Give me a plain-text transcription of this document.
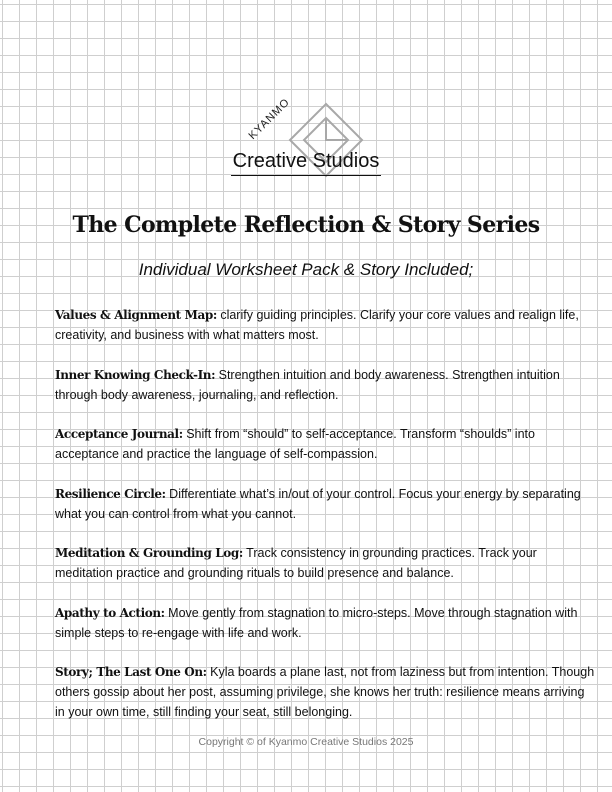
KYANMO
Creative Studios
The Complete Reflection & Story Series
Individual Worksheet Pack & Story Included;

Values & Alignment Map: clarify guiding principles. Clarify your core values and realign life, creativity, and business with what matters most.

Inner Knowing Check-In: Strengthen intuition and body awareness. Strengthen intuition through body awareness, journaling, and reflection.

Acceptance Journal: Shift from “should” to self-acceptance. Transform “shoulds” into acceptance and practice the language of self-compassion.

Resilience Circle: Differentiate what’s in/out of your control. Focus your energy by separating what you can control from what you cannot.

Meditation & Grounding Log: Track consistency in grounding practices. Track your meditation practice and grounding rituals to build presence and balance.

Apathy to Action: Move gently from stagnation to micro-steps. Move through stagnation with simple steps to re-engage with life and work.

Story; The Last One On: Kyla boards a plane last, not from laziness but from intention. Though others gossip about her post, assuming privilege, she knows her truth: resilience means arriving in your own time, still finding your seat, still belonging.

Copyright © of Kyanmo Creative Studios 2025
